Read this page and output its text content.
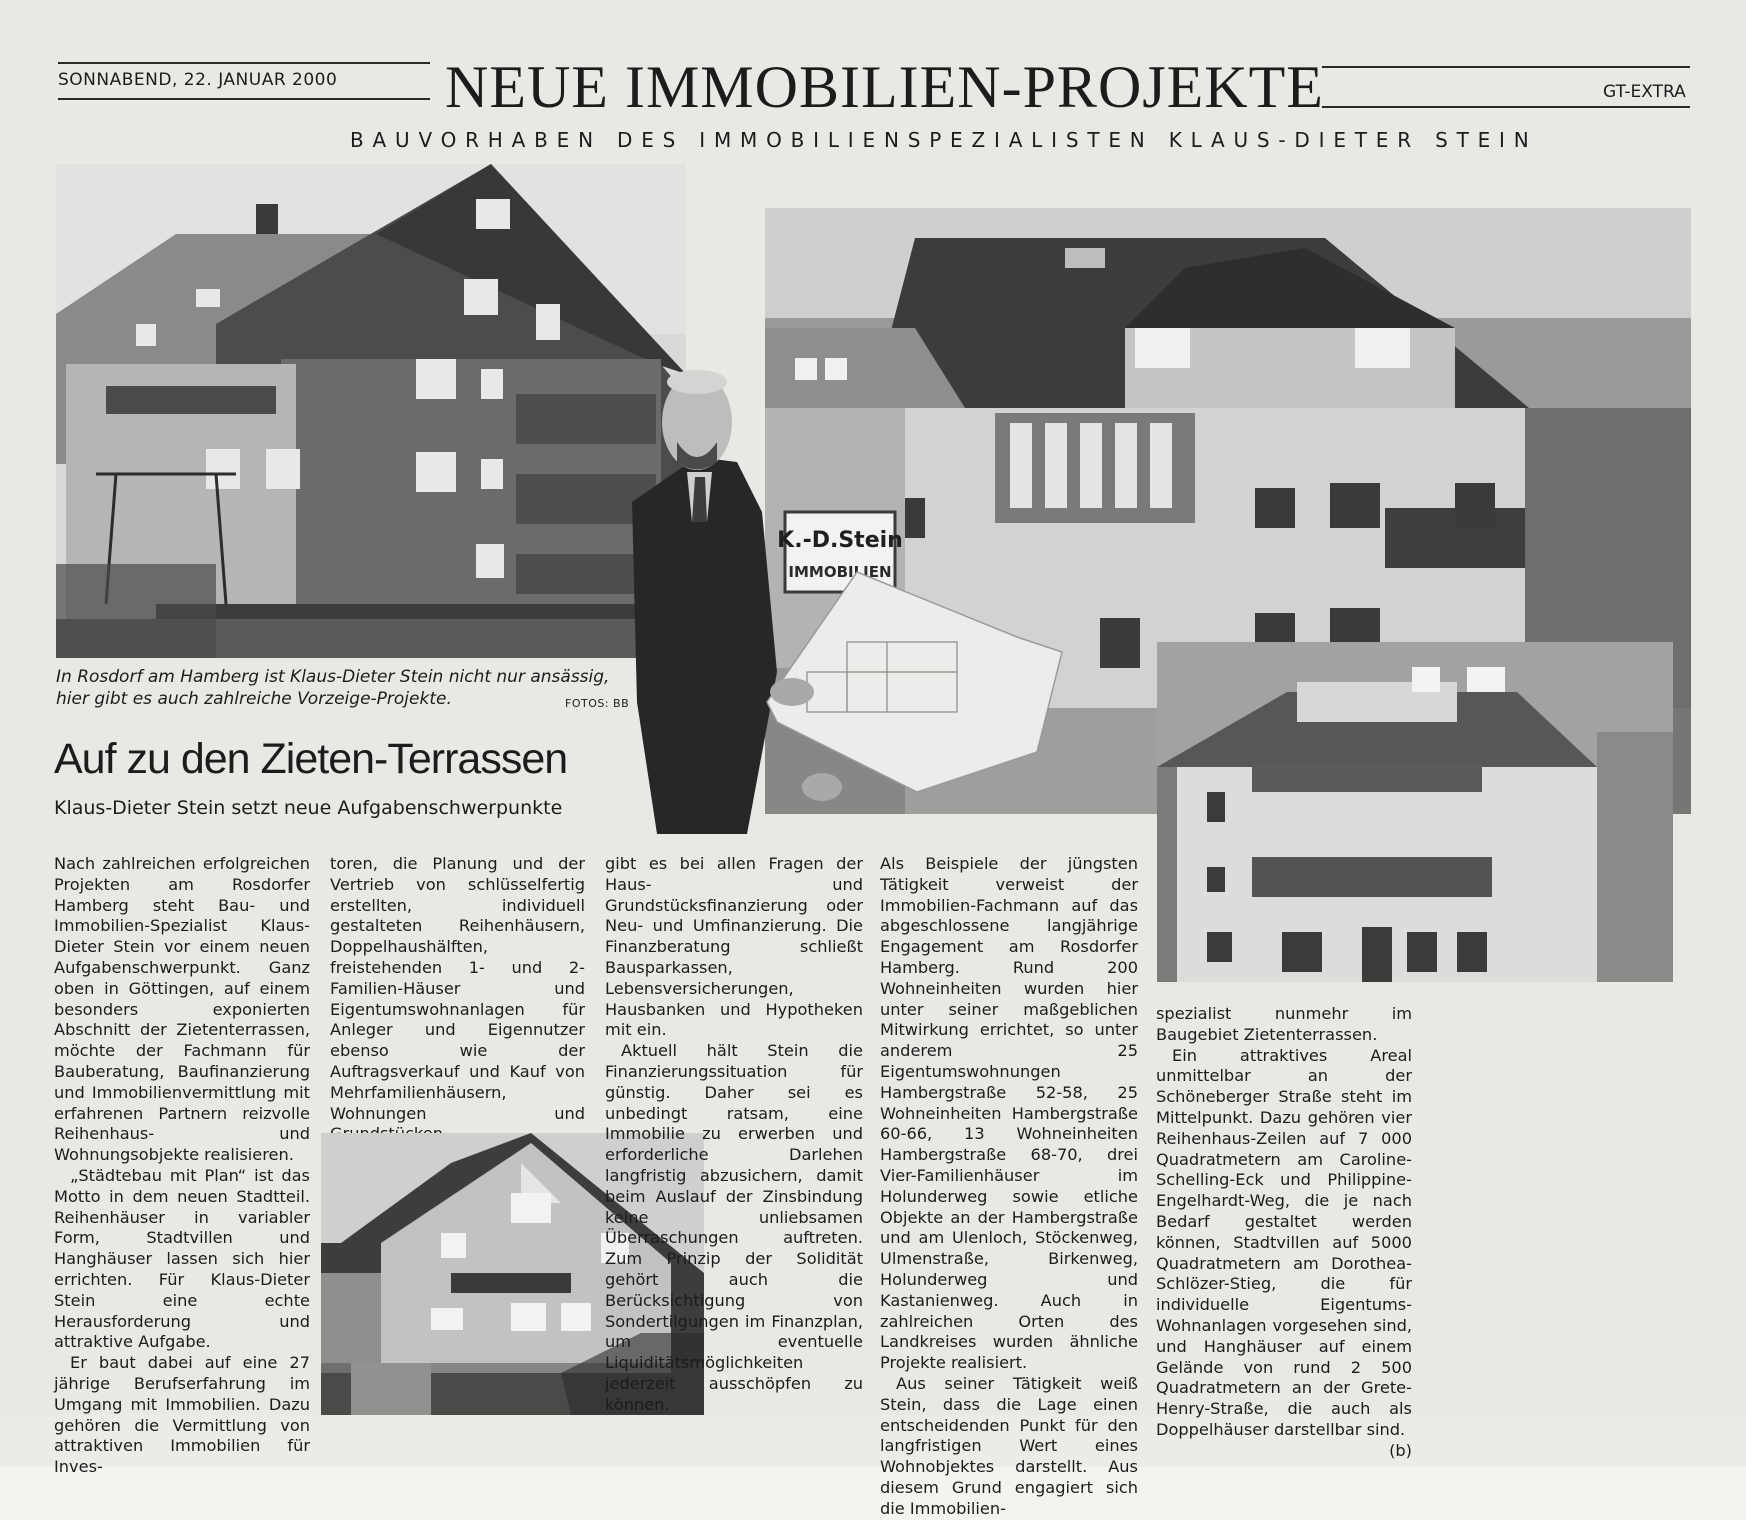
SONNABEND, 22. JANUAR 2000 NEUE IMMOBILIEN-PROJEKTE	GT-EXTRA
BAUVORHABEN DES IMMOBILIENSPEZIALISTEN KLAUS-DIETER STEIN
In Rosdorf am Hamberg ist Klaus-Dieter Stein nicht nur ansässig, hier gibt es auch zahlreiche Vorzeige-Projekte.	FOTOS: BB
K.-D.Stein
IMMOBILIEN
Auf zu den Zieten-Terrassen
Klaus-Dieter Stein setzt neue Aufgabenschwerpunkte

Nach zahlreichen erfolgreichen Projekten am Rosdorfer Hamberg steht Bau- und Immobilien-Spezialist Klaus-Dieter Stein vor einem neuen Aufgabenschwerpunkt. Ganz oben in Göttingen, auf einem besonders exponierten Abschnitt der Zietenterrassen, möchte der Fachmann für Bauberatung, Baufinanzierung und Immobilienvermittlung mit erfahrenen Partnern reizvolle Reihenhaus- und Wohnungsobjekte realisieren.

„Städtebau mit Plan“ ist das Motto in dem neuen Stadtteil. Reihenhäuser in variabler Form, Stadtvillen und Hanghäuser lassen sich hier errichten. Für Klaus-Dieter Stein eine echte Herausforderung und attraktive Aufgabe.

Er baut dabei auf eine 27 jährige Berufserfahrung im Umgang mit Immobilien. Dazu gehören die Vermittlung von attraktiven Immobilien für Inves-

toren, die Planung und der Vertrieb von schlüsselfertig erstellten, individuell gestalteten Reihenhäusern, Doppelhaushälften, freistehenden 1- und 2-Familien-Häuser und Eigentumswohnanlagen für Anleger und Eigennutzer ebenso wie der Auftragsverkauf und Kauf von Mehrfamilienhäusern, Wohnungen und

gibt es bei allen Fragen der Haus- und Grundstücksfinanzierung oder Neu- und Umfinanzierung. Die Finanzberatung schließt Bausparkassen, Lebensversicherungen, Hausbanken und Hypotheken mit ein.

Aktuell hält Stein die Finanzierungssituation für günstig. Daher sei es unbedingt ratsam, eine Immobilie zu erwerben und erforderliche Darlehen langfristig abzusichern, damit beim Auslauf der Zinsbindung keine unliebsamen Überraschungen auftreten. Zum Prinzip der Solidität gehört auch die Berücksichtigung von Sondertilgungen im Finanzplan, um eventuelle Liquiditätsmöglichkeiten jederzeit ausschöpfen zu können.

Als Beispiele der jüngsten Tätigkeit verweist der Immobilien-Fachmann auf das abgeschlossene langjährige Engagement am Rosdorfer Hamberg. Rund 200 Wohneinheiten wurden hier unter seiner maßgeblichen Mitwirkung errichtet, so unter anderem 25 Eigentumswohnungen Hambergstraße 52-58, 25 Wohneinheiten Hambergstraße 60-66, 13 Wohneinheiten Hambergstraße 68-70, drei Vier-Familienhäuser im Holunderweg sowie etliche Objekte an der Hambergstraße und am Ulenloch, Stöckenweg, Ulmenstraße, Birkenweg, Holunderweg und Kastanienweg. Auch in zahlreichen Orten des Landkreises wurden ähnliche Projekte realisiert.

Aus seiner Tätigkeit weiß Stein, dass die Lage einen entscheidenden Punkt für den langfristigen Wert eines Wohnobjektes darstellt. Aus diesem Grund engagiert sich die Immobilien-

spezialist nunmehr im Baugebiet Zietenterrassen.

Ein attraktives Areal unmittelbar an der Schöneberger Straße steht im Mittelpunkt. Dazu gehören vier Reihenhaus-Zeilen auf 7 000 Quadratmetern am Caroline-Schelling-Eck und Philippine-Engelhardt-Weg, die je nach Bedarf gestaltet werden können, Stadtvillen auf 5000 Quadratmetern am Dorothea-Schlözer-Stieg, die für individuelle Eigentums-Wohnanlagen vorgesehen sind, und Hanghäuser auf einem Gelände von rund 2 500 Quadratmetern an der Grete-Henry-Straße, die auch als Doppelhäuser darstellbar sind.

(b)
